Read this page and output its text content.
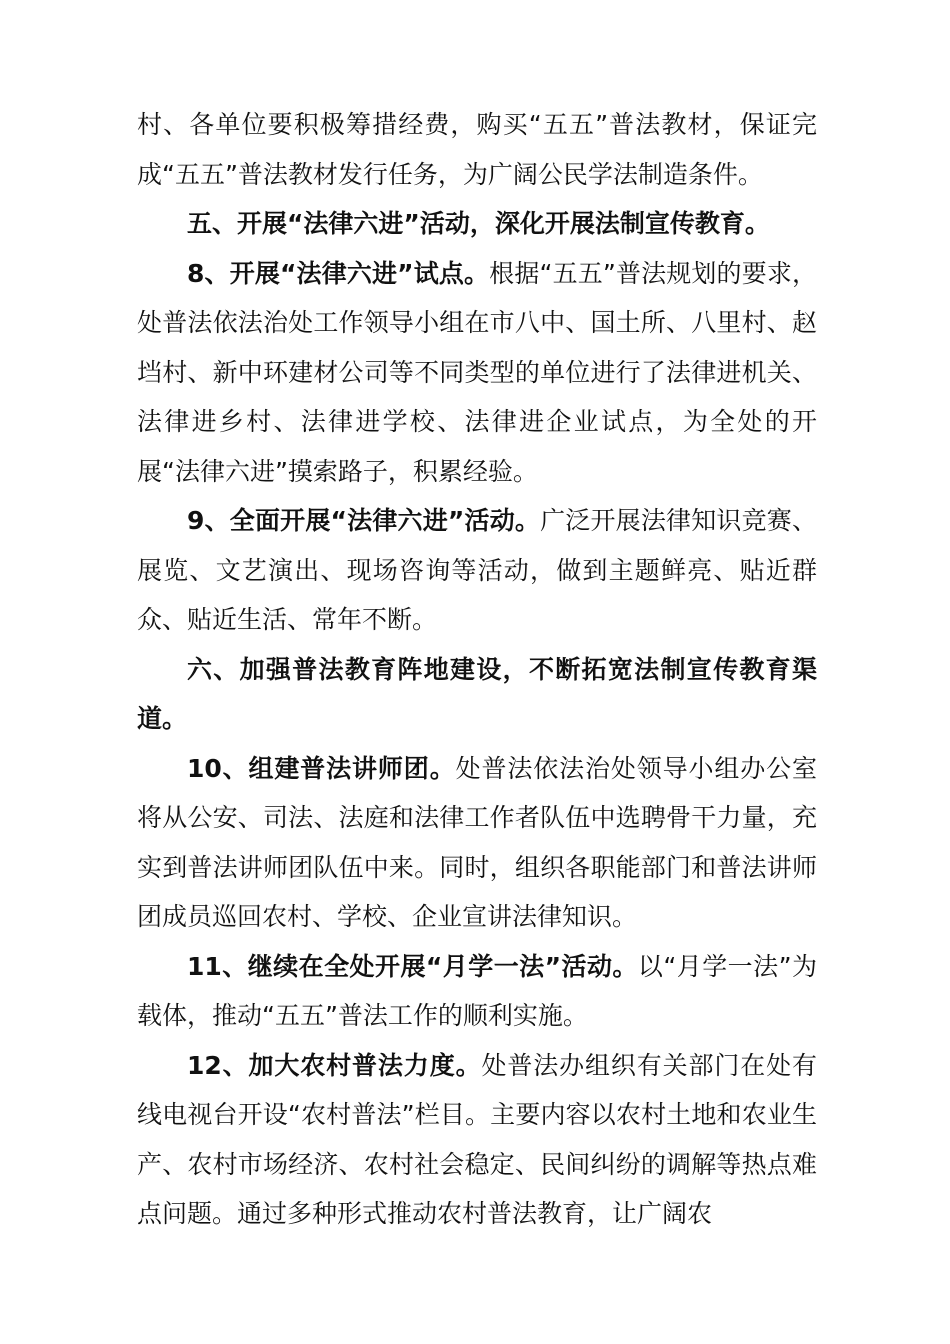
村、各单位要积极筹措经费，购买“五五”普法教材，保证完成“五五”普法教材发行任务，为广阔公民学法制造条件。

五、开展“法律六进”活动，深化开展法制宣传教育。

8、开展“法律六进”试点。根据“五五”普法规划的要求，处普法依法治处工作领导小组在市八中、国土所、八里村、赵垱村、新中环建材公司等不同类型的单位进行了法律进机关、法律进乡村、法律进学校、法律进企业试点，为全处的开展“法律六进”摸索路子，积累经验。

9、全面开展“法律六进”活动。广泛开展法律知识竞赛、展览、文艺演出、现场咨询等活动，做到主题鲜亮、贴近群众、贴近生活、常年不断。

六、加强普法教育阵地建设，不断拓宽法制宣传教育渠道。

10、组建普法讲师团。处普法依法治处领导小组办公室将从公安、司法、法庭和法律工作者队伍中选聘骨干力量，充实到普法讲师团队伍中来。同时，组织各职能部门和普法讲师团成员巡回农村、学校、企业宣讲法律知识。

11、继续在全处开展“月学一法”活动。以“月学一法”为载体，推动“五五”普法工作的顺利实施。

12、加大农村普法力度。处普法办组织有关部门在处有线电视台开设“农村普法”栏目。主要内容以农村土地和农业生产、农村市场经济、农村社会稳定、民间纠纷的调解等热点难点问题。通过多种形式推动农村普法教育，让广阔农
